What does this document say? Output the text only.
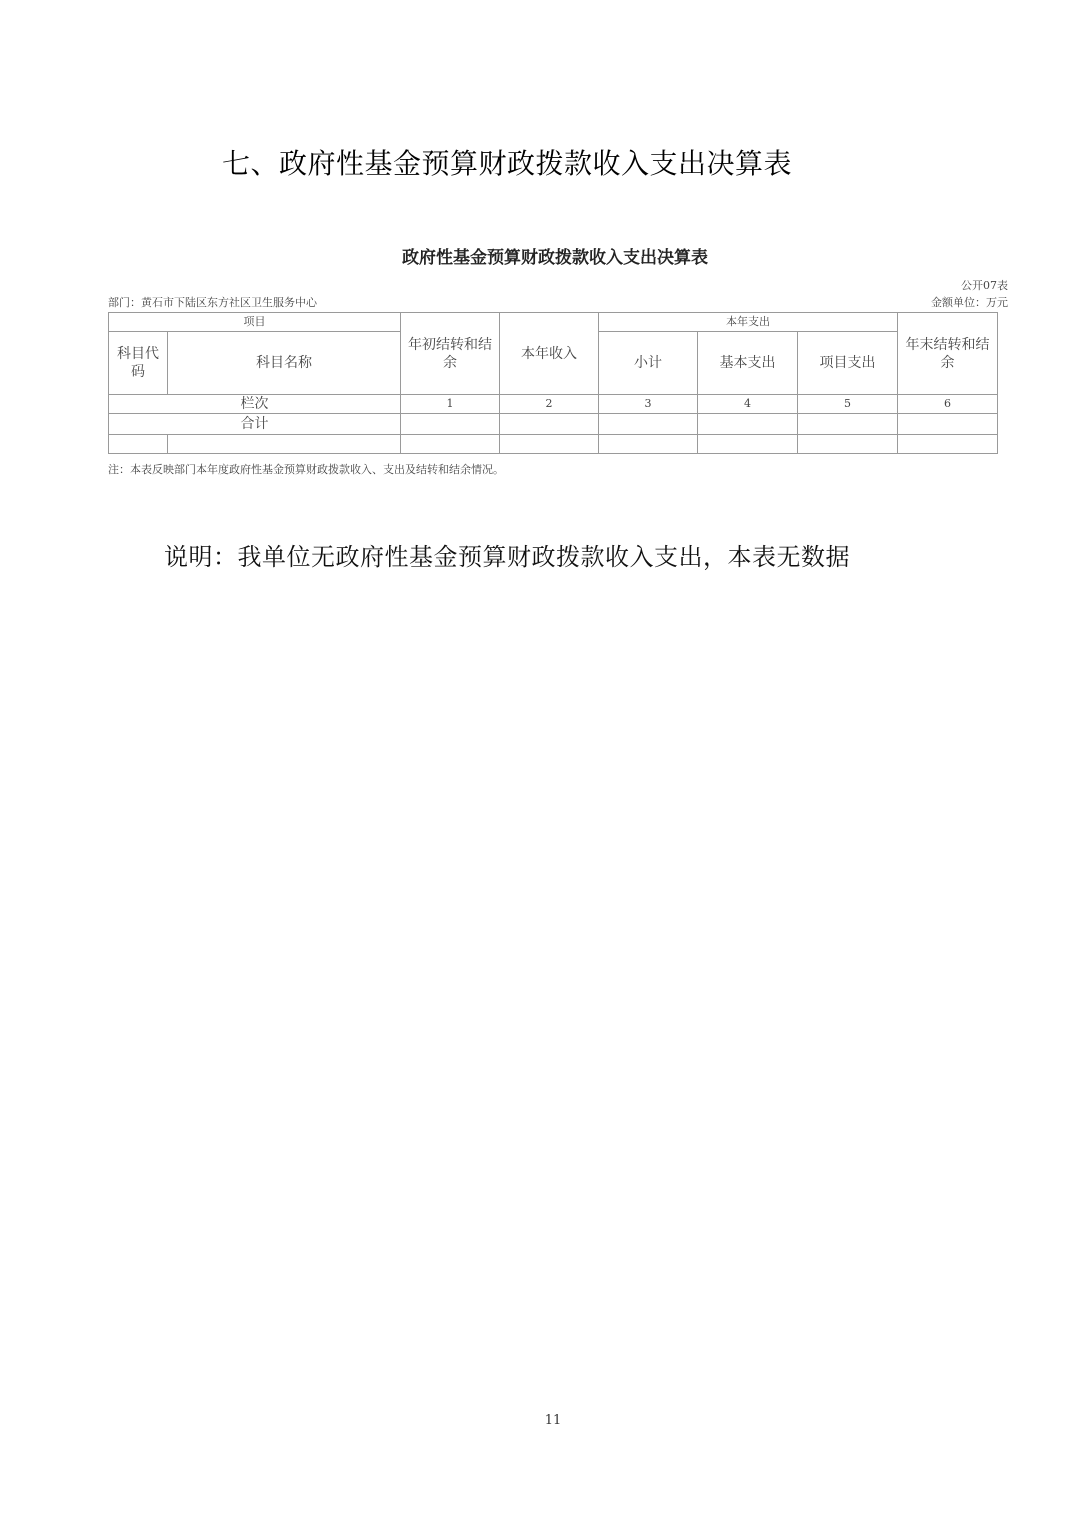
七、政府性基金预算财政拨款收入支出决算表
政府性基金预算财政拨款收入支出决算表
公开07表
部门：黄石市下陆区东方社区卫生服务中心	金额单位：万元
项目		年初结转和结余	本年收入	本年支出			年末结转和结余
科目代码	科目名称			小计	基本支出	项目支出	
栏次		1	2	3	4	5	6
合计							

注：本表反映部门本年度政府性基金预算财政拨款收入、支出及结转和结余情况。
说明：我单位无政府性基金预算财政拨款收入支出，本表无数据
11
